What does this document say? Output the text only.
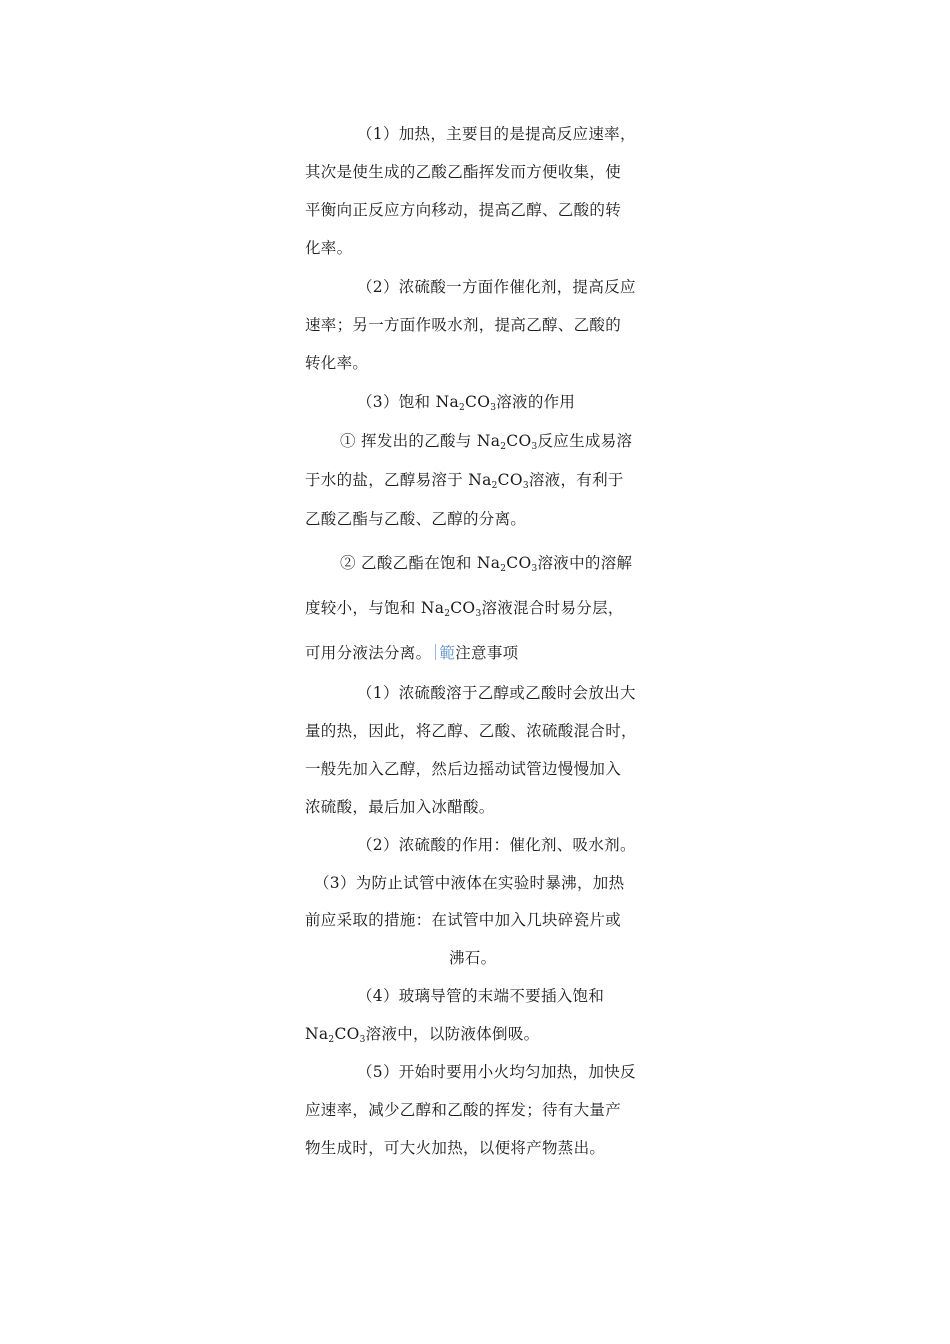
（1）加热，主要目的是提高反应速率，
其次是使生成的乙酸乙酯挥发而方便收集，使
平衡向正反应方向移动，提高乙醇、乙酸的转
化率。
（2）浓硫酸一方面作催化剂，提高反应
速率；另一方面作吸水剂，提高乙醇、乙酸的
转化率。
（3）饱和 $Na_2CO_3$溶液的作用
① 挥发出的乙酸与 $Na_2CO_3$反应生成易溶
于水的盐，乙醇易溶于 $Na_2CO_3$溶液，有利于
乙酸乙酯与乙酸、乙醇的分离。
② 乙酸乙酯在饱和 $Na_2CO_3$溶液中的溶解
度较小，与饱和 $Na_2CO_3$溶液混合时易分层，
可用分液法分离。 範注意事项
（1）浓硫酸溶于乙醇或乙酸时会放出大
量的热，因此，将乙醇、乙酸、浓硫酸混合时，
一般先加入乙醇，然后边摇动试管边慢慢加入
浓硫酸，最后加入冰醋酸。
（2）浓硫酸的作用：催化剂、吸水剂。
（3）为防止试管中液体在实验时暴沸，加热
前应采取的措施：在试管中加入几块碎瓷片或
沸石。
（4）玻璃导管的末端不要插入饱和
$Na_2CO_3$溶液中，以防液体倒吸。
（5）开始时要用小火均匀加热，加快反
应速率，减少乙醇和乙酸的挥发；待有大量产
物生成时，可大火加热，以便将产物蒸出。
